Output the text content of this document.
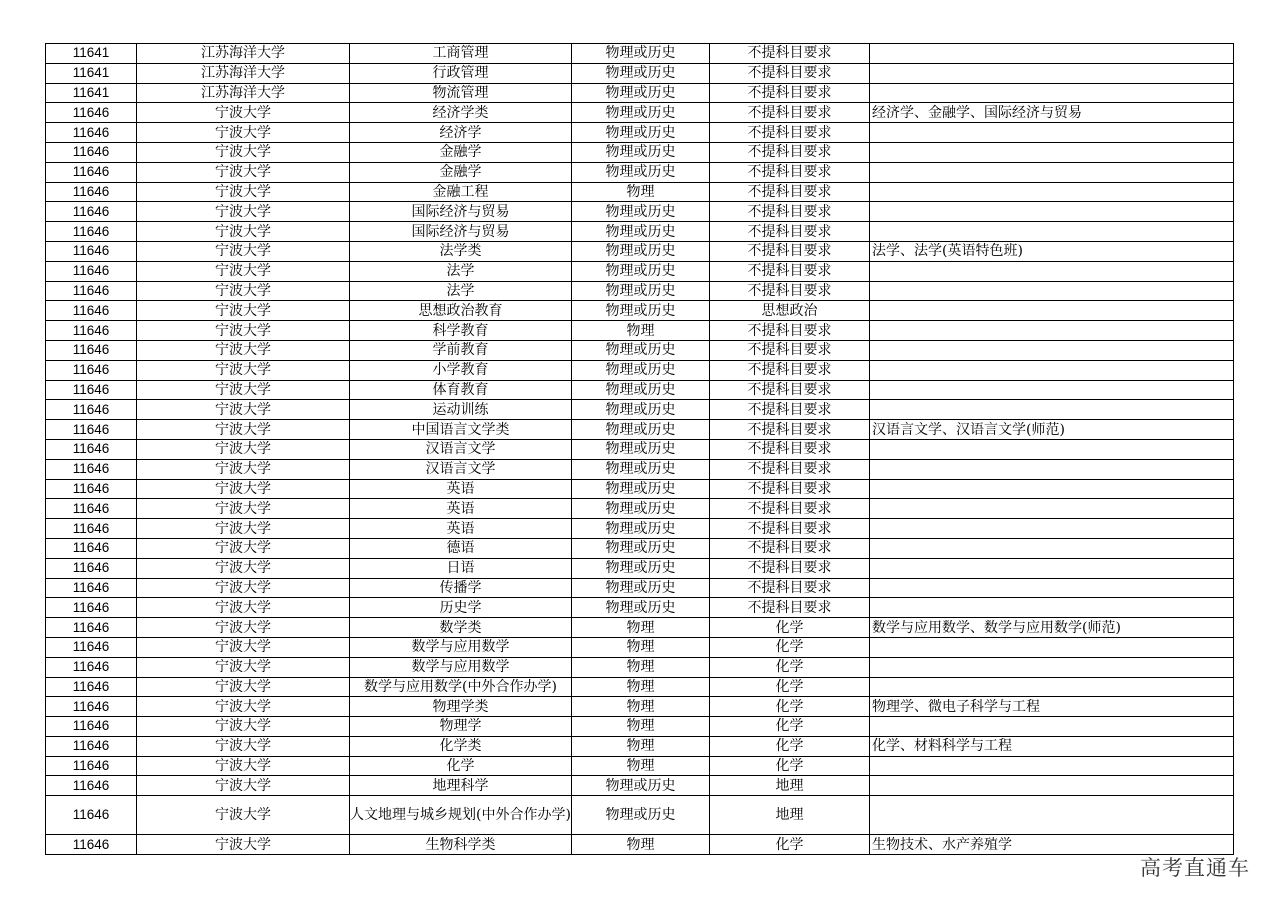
11641	江苏海洋大学	工商管理	物理或历史	不提科目要求	
11641	江苏海洋大学	行政管理	物理或历史	不提科目要求	
11641	江苏海洋大学	物流管理	物理或历史	不提科目要求	
11646	宁波大学	经济学类	物理或历史	不提科目要求	经济学、金融学、国际经济与贸易
11646	宁波大学	经济学	物理或历史	不提科目要求	
11646	宁波大学	金融学	物理或历史	不提科目要求	
11646	宁波大学	金融学	物理或历史	不提科目要求	
11646	宁波大学	金融工程	物理	不提科目要求	
11646	宁波大学	国际经济与贸易	物理或历史	不提科目要求	
11646	宁波大学	国际经济与贸易	物理或历史	不提科目要求	
11646	宁波大学	法学类	物理或历史	不提科目要求	法学、法学(英语特色班)
11646	宁波大学	法学	物理或历史	不提科目要求	
11646	宁波大学	法学	物理或历史	不提科目要求	
11646	宁波大学	思想政治教育	物理或历史	思想政治	
11646	宁波大学	科学教育	物理	不提科目要求	
11646	宁波大学	学前教育	物理或历史	不提科目要求	
11646	宁波大学	小学教育	物理或历史	不提科目要求	
11646	宁波大学	体育教育	物理或历史	不提科目要求	
11646	宁波大学	运动训练	物理或历史	不提科目要求	
11646	宁波大学	中国语言文学类	物理或历史	不提科目要求	汉语言文学、汉语言文学(师范)
11646	宁波大学	汉语言文学	物理或历史	不提科目要求	
11646	宁波大学	汉语言文学	物理或历史	不提科目要求	
11646	宁波大学	英语	物理或历史	不提科目要求	
11646	宁波大学	英语	物理或历史	不提科目要求	
11646	宁波大学	英语	物理或历史	不提科目要求	
11646	宁波大学	德语	物理或历史	不提科目要求	
11646	宁波大学	日语	物理或历史	不提科目要求	
11646	宁波大学	传播学	物理或历史	不提科目要求	
11646	宁波大学	历史学	物理或历史	不提科目要求	
11646	宁波大学	数学类	物理	化学	数学与应用数学、数学与应用数学(师范)
11646	宁波大学	数学与应用数学	物理	化学	
11646	宁波大学	数学与应用数学	物理	化学	
11646	宁波大学	数学与应用数学(中外合作办学)	物理	化学	
11646	宁波大学	物理学类	物理	化学	物理学、微电子科学与工程
11646	宁波大学	物理学	物理	化学	
11646	宁波大学	化学类	物理	化学	化学、材料科学与工程
11646	宁波大学	化学	物理	化学	
11646	宁波大学	地理科学	物理或历史	地理	
11646	宁波大学	人文地理与城乡规划(中外合作办学)	物理或历史	地理	
11646	宁波大学	生物科学类	物理	化学	生物技术、水产养殖学
高考直通车
